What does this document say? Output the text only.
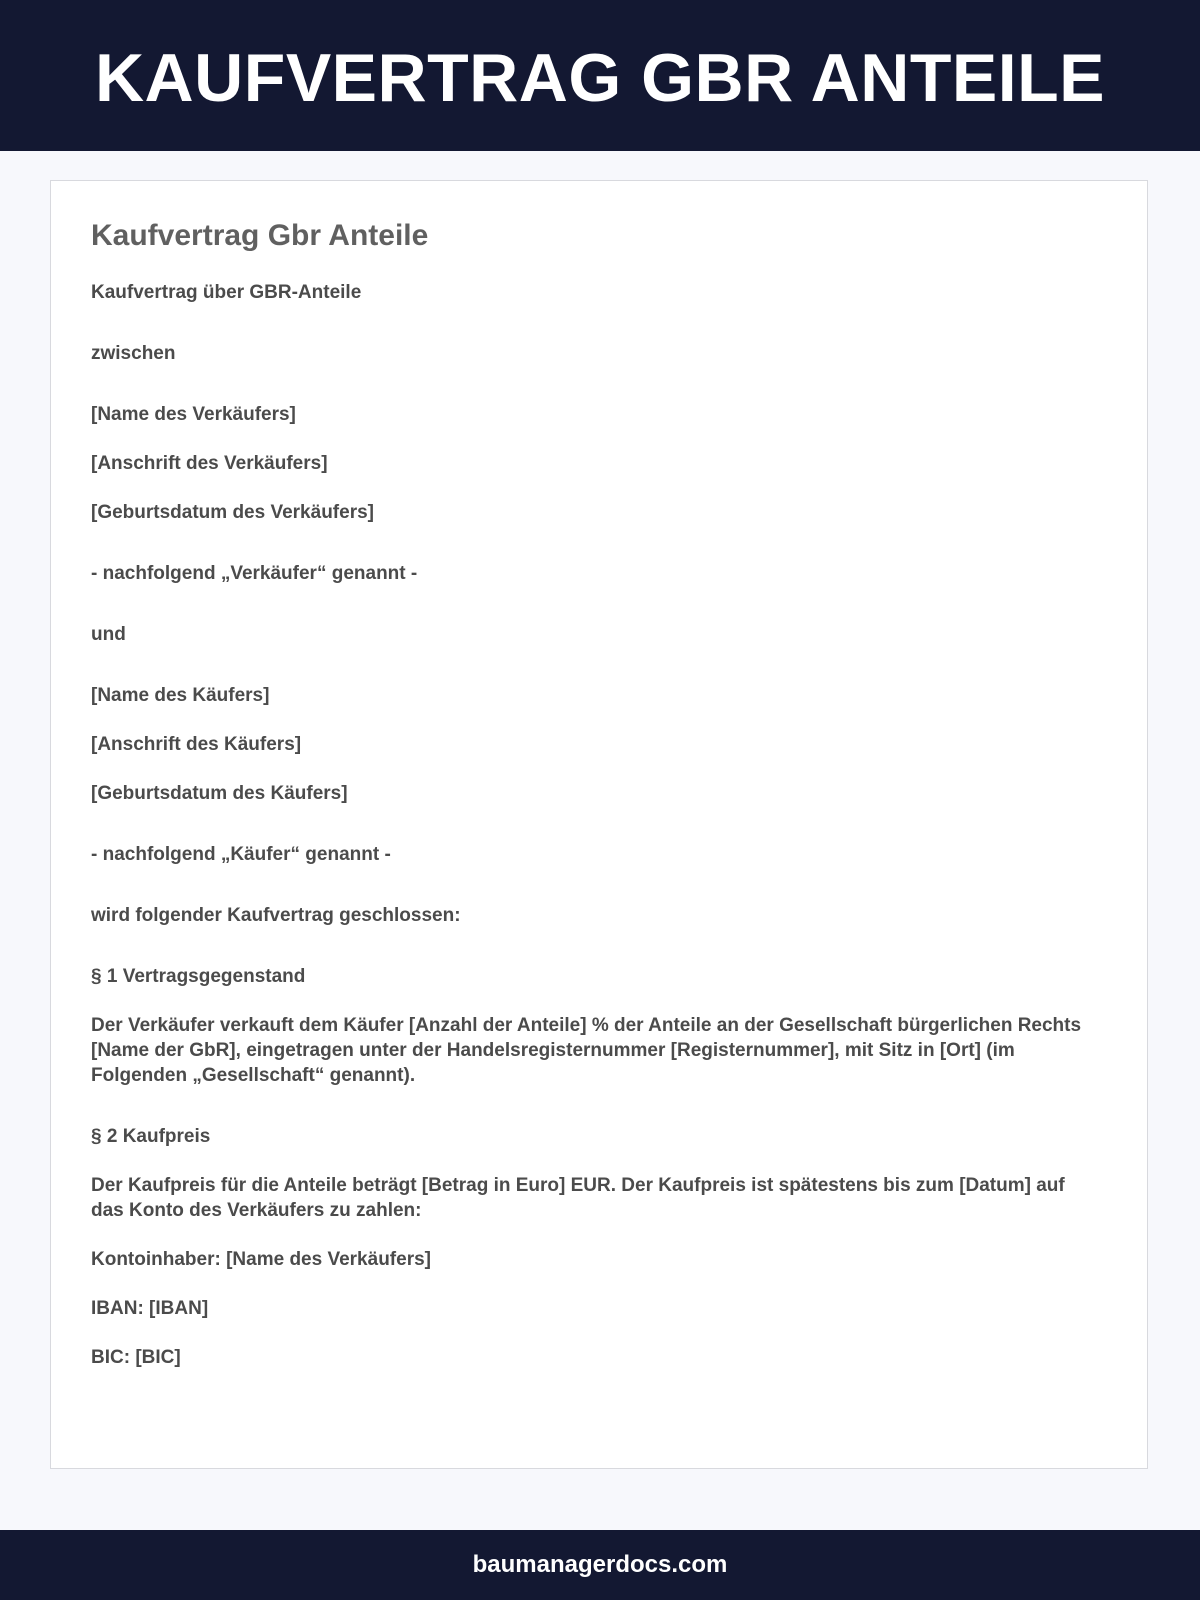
KAUFVERTRAG GBR ANTEILE
Kaufvertrag Gbr Anteile

Kaufvertrag über GBR-Anteile

zwischen

[Name des Verkäufers]

[Anschrift des Verkäufers]

[Geburtsdatum des Verkäufers]

- nachfolgend „Verkäufer“ genannt -

und

[Name des Käufers]

[Anschrift des Käufers]

[Geburtsdatum des Käufers]

- nachfolgend „Käufer“ genannt -

wird folgender Kaufvertrag geschlossen:

§ 1 Vertragsgegenstand

Der Verkäufer verkauft dem Käufer [Anzahl der Anteile] % der Anteile an der Gesellschaft bürgerlichen Rechts [Name der GbR], eingetragen unter der Handelsregisternummer [Registernummer], mit Sitz in [Ort] (im Folgenden „Gesellschaft“ genannt).

§ 2 Kaufpreis

Der Kaufpreis für die Anteile beträgt [Betrag in Euro] EUR. Der Kaufpreis ist spätestens bis zum [Datum] auf das Konto des Verkäufers zu zahlen:

Kontoinhaber: [Name des Verkäufers]

IBAN: [IBAN]

BIC: [BIC]

baumanagerdocs.com
